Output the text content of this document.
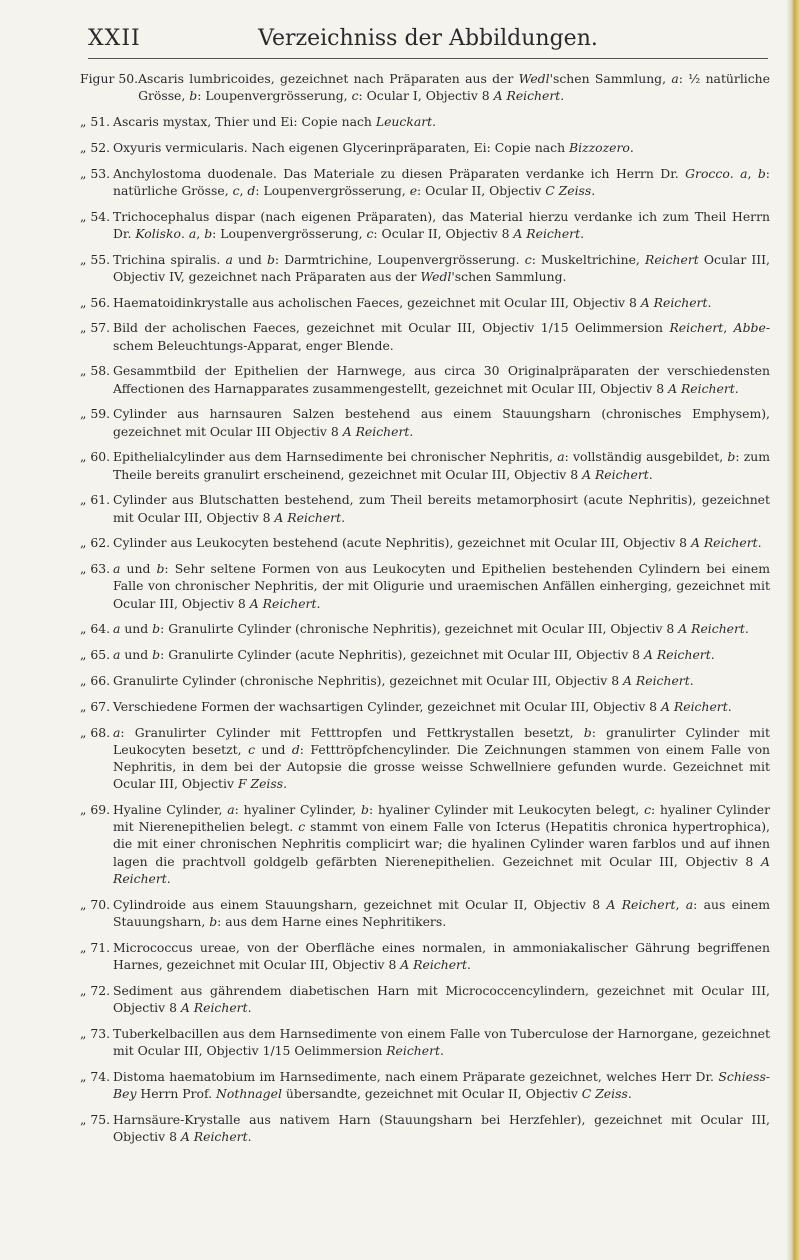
XXII	Verzeichniss der Abbildungen.
Figur 50. Ascaris lumbricoides, gezeichnet nach Präparaten aus der Wedl'schen Sammlung, a: ½ natürliche Grösse, b: Loupenvergrösserung, c: Ocular I, Objectiv 8 A Reichert.
„ 51. Ascaris mystax, Thier und Ei: Copie nach Leuckart.
„ 52. Oxyuris vermicularis. Nach eigenen Glycerinpräparaten, Ei: Copie nach Bizzozero.
„ 53. Anchylostoma duodenale. Das Materiale zu diesen Präparaten verdanke ich Herrn Dr. Grocco. a, b: natürliche Grösse, c, d: Loupenvergrösserung, e: Ocular II, Objectiv C Zeiss.
„ 54. Trichocephalus dispar (nach eigenen Präparaten), das Material hierzu verdanke ich zum Theil Herrn Dr. Kolisko. a, b: Loupenvergrösserung, c: Ocular II, Objectiv 8 A Reichert.
„ 55. Trichina spiralis. a und b: Darmtrichine, Loupenvergrösserung. c: Muskeltrichine, Reichert Ocular III, Objectiv IV, gezeichnet nach Präparaten aus der Wedl'schen Sammlung.
„ 56. Haematoidinkrystalle aus acholischen Faeces, gezeichnet mit Ocular III, Objectiv 8 A Reichert.
„ 57. Bild der acholischen Faeces, gezeichnet mit Ocular III, Objectiv 1/15 Oelimmersion Reichert, Abbe-schem Beleuchtungs-Apparat, enger Blende.
„ 58. Gesammtbild der Epithelien der Harnwege, aus circa 30 Originalpräparaten der verschiedensten Affectionen des Harnapparates zusammengestellt, gezeichnet mit Ocular III, Objectiv 8 A Reichert.
„ 59. Cylinder aus harnsauren Salzen bestehend aus einem Stauungsharn (chronisches Emphysem), gezeichnet mit Ocular III Objectiv 8 A Reichert.
„ 60. Epithelialcylinder aus dem Harnsedimente bei chronischer Nephritis, a: vollständig ausgebildet, b: zum Theile bereits granulirt erscheinend, gezeichnet mit Ocular III, Objectiv 8 A Reichert.
„ 61. Cylinder aus Blutschatten bestehend, zum Theil bereits metamorphosirt (acute Nephritis), gezeichnet mit Ocular III, Objectiv 8 A Reichert.
„ 62. Cylinder aus Leukocyten bestehend (acute Nephritis), gezeichnet mit Ocular III, Objectiv 8 A Reichert.
„ 63. a und b: Sehr seltene Formen von aus Leukocyten und Epithelien bestehenden Cylindern bei einem Falle von chronischer Nephritis, der mit Oligurie und uraemischen Anfällen einherging, gezeichnet mit Ocular III, Objectiv 8 A Reichert.
„ 64. a und b: Granulirte Cylinder (chronische Nephritis), gezeichnet mit Ocular III, Objectiv 8 A Reichert.
„ 65. a und b: Granulirte Cylinder (acute Nephritis), gezeichnet mit Ocular III, Objectiv 8 A Reichert.
„ 66. Granulirte Cylinder (chronische Nephritis), gezeichnet mit Ocular III, Objectiv 8 A Reichert.
„ 67. Verschiedene Formen der wachsartigen Cylinder, gezeichnet mit Ocular III, Objectiv 8 A Reichert.
„ 68. a: Granulirter Cylinder mit Fetttropfen und Fettkrystallen besetzt, b: granulirter Cylinder mit Leukocyten besetzt, c und d: Fetttröpfchencylinder. Die Zeichnungen stammen von einem Falle von Nephritis, in dem bei der Autopsie die grosse weisse Schwellniere gefunden wurde. Gezeichnet mit Ocular III, Objectiv F Zeiss.
„ 69. Hyaline Cylinder, a: hyaliner Cylinder, b: hyaliner Cylinder mit Leukocyten belegt, c: hyaliner Cylinder mit Nierenepithelien belegt. c stammt von einem Falle von Icterus (Hepatitis chronica hypertrophica), die mit einer chronischen Nephritis complicirt war; die hyalinen Cylinder waren farblos und auf ihnen lagen die prachtvoll goldgelb gefärbten Nierenepithelien. Gezeichnet mit Ocular III, Objectiv 8 A Reichert.
„ 70. Cylindroide aus einem Stauungsharn, gezeichnet mit Ocular II, Objectiv 8 A Reichert, a: aus einem Stauungsharn, b: aus dem Harne eines Nephritikers.
„ 71. Micrococcus ureae, von der Oberfläche eines normalen, in ammoniakalischer Gährung begriffenen Harnes, gezeichnet mit Ocular III, Objectiv 8 A Reichert.
„ 72. Sediment aus gährendem diabetischen Harn mit Micrococcencylindern, gezeichnet mit Ocular III, Objectiv 8 A Reichert.
„ 73. Tuberkelbacillen aus dem Harnsedimente von einem Falle von Tuberculose der Harnorgane, gezeichnet mit Ocular III, Objectiv 1/15 Oelimmersion Reichert.
„ 74. Distoma haematobium im Harnsedimente, nach einem Präparate gezeichnet, welches Herr Dr. Schiess-Bey Herrn Prof. Nothnagel übersandte, gezeichnet mit Ocular II, Objectiv C Zeiss.
„ 75. Harnsäure-Krystalle aus nativem Harn (Stauungsharn bei Herzfehler), gezeichnet mit Ocular III, Objectiv 8 A Reichert.
